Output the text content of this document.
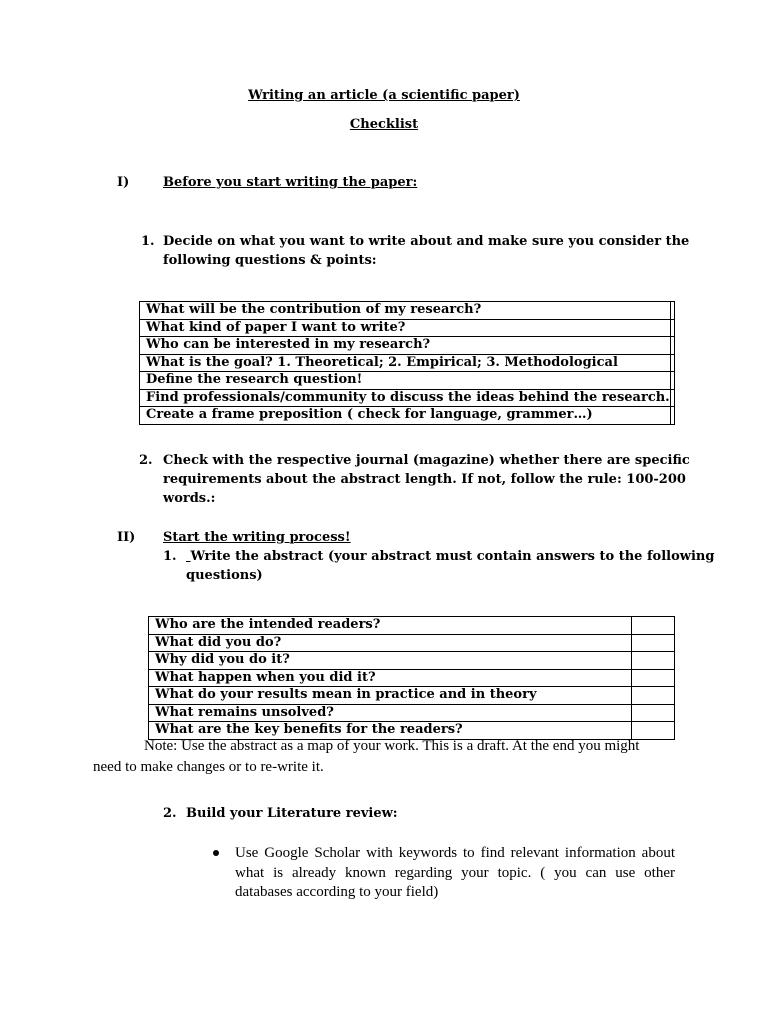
Writing an article (a scientific paper)
Checklist
I)	Before you start writing the paper:
1. Decide on what you want to write about and make sure you consider the
following questions & points:
What will be the contribution of my research?	
What kind of paper I want to write?	
Who can be interested in my research?	
What is the goal? 1. Theoretical; 2. Empirical; 3. Methodological	
Define the research question!	
Find professionals/community to discuss the ideas behind the research.	
Create a frame preposition ( check for language, grammer…)	
2. Check with the respective journal (magazine) whether there are specific
requirements about the abstract length. If not, follow the rule: 100-200
words.:
II) Start the writing process!
1.	Write the abstract (your abstract must contain answers to the following
questions)
Who are the intended readers?	
What did you do?	
Why did you do it?	
What happen when you did it?	
What do your results mean in practice and in theory	
What remains unsolved?	
What are the key benefits for the readers?	
Note: Use the abstract as a map of your work. This is a draft. At the end you might
need to make changes or to re-write it.
2. Build your Literature review:
Use Google Scholar with keywords to find relevant information about what is already known regarding your topic. ( you can use other databases according to your field)
